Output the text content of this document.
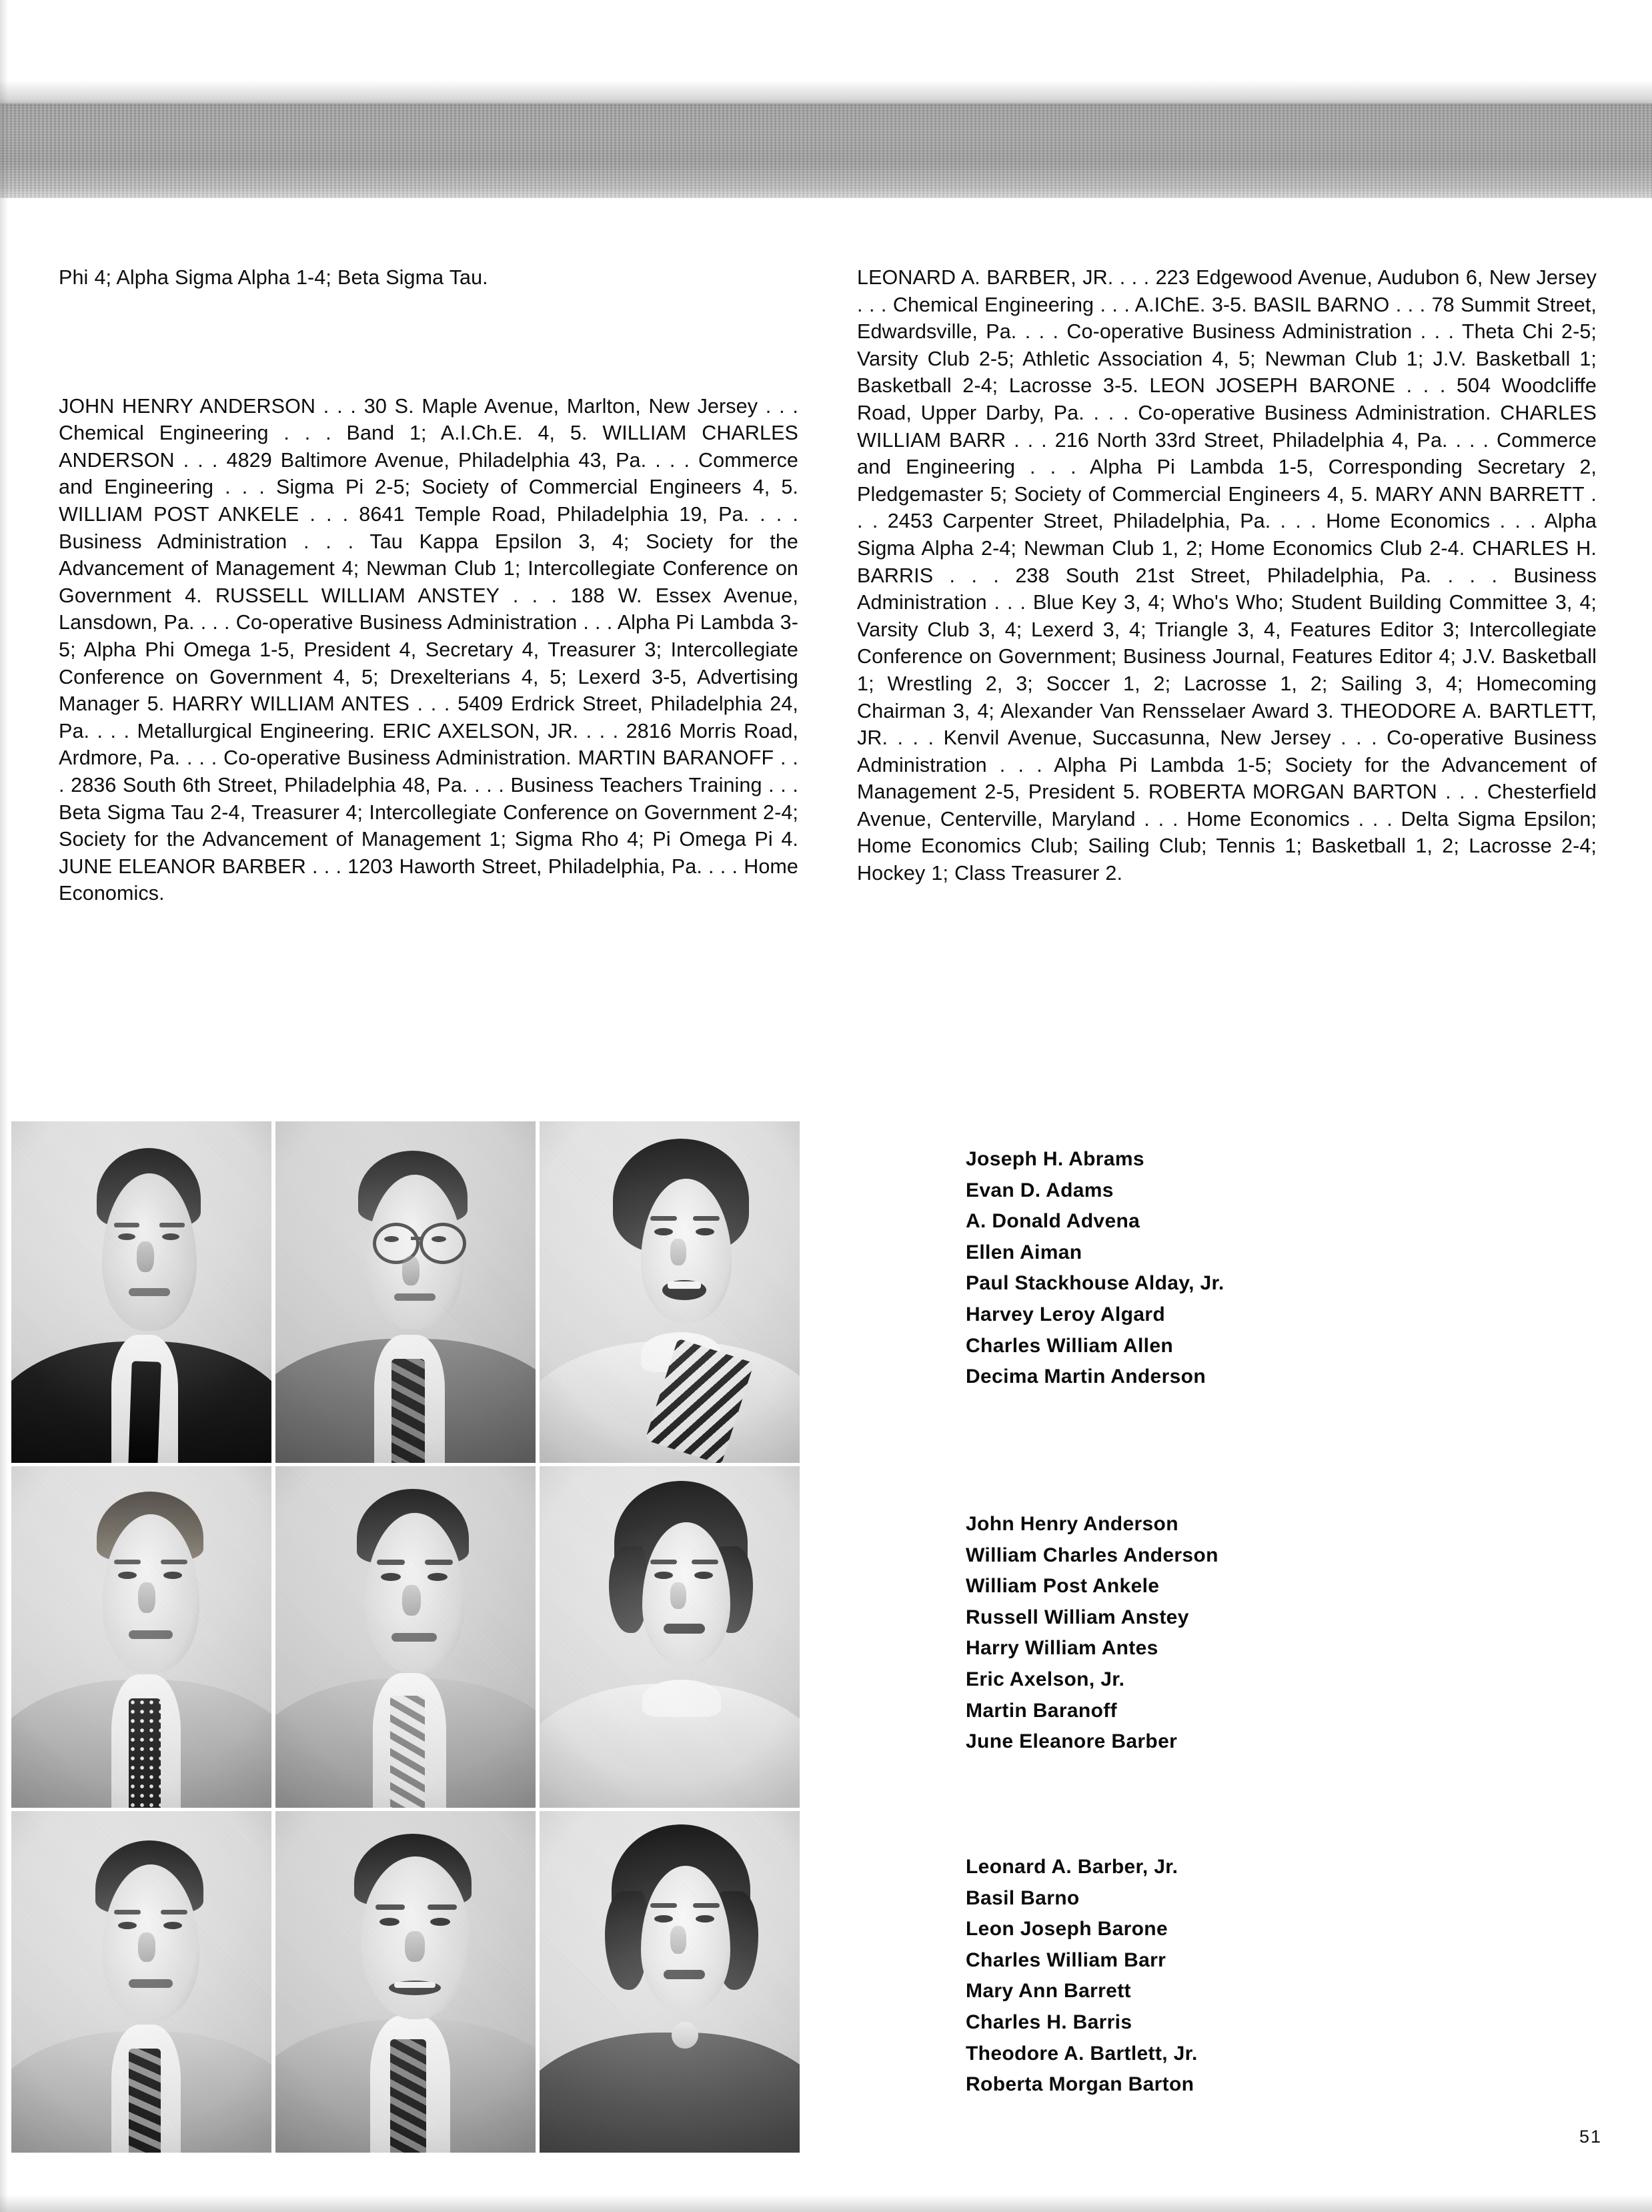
Phi 4; Alpha Sigma Alpha 1-4; Beta Sigma Tau.

JOHN HENRY ANDERSON . . . 30 S. Maple Avenue, Marlton, New Jersey . . . Chemical Engineering . . . Band 1; A.I.Ch.E. 4, 5. WILLIAM CHARLES ANDERSON . . . 4829 Baltimore Avenue, Philadelphia 43, Pa. . . . Commerce and Engineering . . . Sigma Pi 2-5; Society of Commercial Engineers 4, 5. WILLIAM POST ANKELE . . . 8641 Temple Road, Philadelphia 19, Pa. . . . Business Administration . . . Tau Kappa Epsilon 3, 4; Society for the Advancement of Management 4; Newman Club 1; Intercollegiate Conference on Government 4. RUSSELL WILLIAM ANSTEY . . . 188 W. Essex Avenue, Lansdown, Pa. . . . Co-operative Business Administration . . . Alpha Pi Lambda 3-5; Alpha Phi Omega 1-5, President 4, Secretary 4, Treasurer 3; Intercollegiate Conference on Government 4, 5; Drexelterians 4, 5; Lexerd 3-5, Advertising Manager 5. HARRY WILLIAM ANTES . . . 5409 Erdrick Street, Philadelphia 24, Pa. . . . Metallurgical Engineering. ERIC AXELSON, JR. . . . 2816 Morris Road, Ardmore, Pa. . . . Co-operative Business Administration. MARTIN BARANOFF . . . 2836 South 6th Street, Philadelphia 48, Pa. . . . Business Teachers Training . . . Beta Sigma Tau 2-4, Treasurer 4; Intercollegiate Conference on Government 2-4; Society for the Advancement of Management 1; Sigma Rho 4; Pi Omega Pi 4. JUNE ELEANOR BARBER . . . 1203 Haworth Street, Philadelphia, Pa. . . . Home Economics.

LEONARD A. BARBER, JR. . . . 223 Edgewood Avenue, Audubon 6, New Jersey . . . Chemical Engineering . . . A.IChE. 3-5. BASIL BARNO . . . 78 Summit Street, Edwardsville, Pa. . . . Co-operative Business Administration . . . Theta Chi 2-5; Varsity Club 2-5; Athletic Association 4, 5; Newman Club 1; J.V. Basketball 1; Basketball 2-4; Lacrosse 3-5. LEON JOSEPH BARONE . . . 504 Woodcliffe Road, Upper Darby, Pa. . . . Co-operative Business Administration. CHARLES WILLIAM BARR . . . 216 North 33rd Street, Philadelphia 4, Pa. . . . Commerce and Engineering . . . Alpha Pi Lambda 1-5, Corresponding Secretary 2, Pledgemaster 5; Society of Commercial Engineers 4, 5. MARY ANN BARRETT . . . 2453 Carpenter Street, Philadelphia, Pa. . . . Home Economics . . . Alpha Sigma Alpha 2-4; Newman Club 1, 2; Home Economics Club 2-4. CHARLES H. BARRIS . . . 238 South 21st Street, Philadelphia, Pa. . . . Business Administration . . . Blue Key 3, 4; Who's Who; Student Building Committee 3, 4; Varsity Club 3, 4; Lexerd 3, 4; Triangle 3, 4, Features Editor 3; Intercollegiate Conference on Government; Business Journal, Features Editor 4; J.V. Basketball 1; Wrestling 2, 3; Soccer 1, 2; Lacrosse 1, 2; Sailing 3, 4; Homecoming Chairman 3, 4; Alexander Van Rensselaer Award 3. THEODORE A. BARTLETT, JR. . . . Kenvil Avenue, Succasunna, New Jersey . . . Co-operative Business Administration . . . Alpha Pi Lambda 1-5; Society for the Advancement of Management 2-5, President 5. ROBERTA MORGAN BARTON . . . Chesterfield Avenue, Centerville, Maryland . . . Home Economics . . . Delta Sigma Epsilon; Home Economics Club; Sailing Club; Tennis 1; Basketball 1, 2; Lacrosse 2-4; Hockey 1; Class Treasurer 2.

Joseph H. Abrams
Evan D. Adams
A. Donald Advena
Ellen Aiman
Paul Stackhouse Alday, Jr.
Harvey Leroy Algard
Charles William Allen
Decima Martin Anderson
John Henry Anderson
William Charles Anderson
William Post Ankele
Russell William Anstey
Harry William Antes
Eric Axelson, Jr.
Martin Baranoff
June Eleanore Barber
Leonard A. Barber, Jr.
Basil Barno
Leon Joseph Barone
Charles William Barr
Mary Ann Barrett
Charles H. Barris
Theodore A. Bartlett, Jr.
Roberta Morgan Barton
51
